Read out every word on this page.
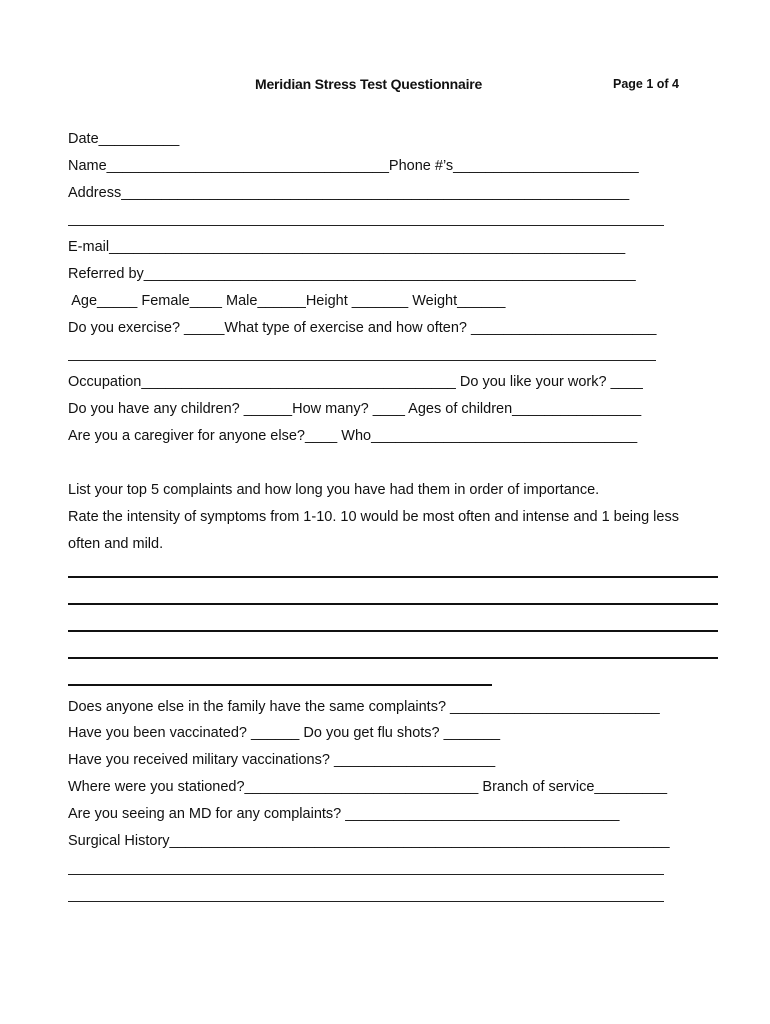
Meridian Stress Test Questionnaire	Page 1 of 4
Date__________
Name___________________________________Phone #’s_______________________
Address_______________________________________________________________
E-mail________________________________________________________________
Referred by_____________________________________________________________
Age_____ Female____ Male______Height _______ Weight______
Do you exercise? _____What type of exercise and how often? _______________________
Occupation_______________________________________ Do you like your work? ____
Do you have any children? ______How many? ____ Ages of children________________
Are you a caregiver for anyone else?____ Who_________________________________
List your top 5 complaints and how long you have had them in order of importance.
Rate the intensity of symptoms from 1-10. 10 would be most often and intense and 1 being less
often and mild.
Does anyone else in the family have the same complaints? __________________________
Have you been vaccinated? ______ Do you get flu shots? _______
Have you received military vaccinations? ____________________
Where were you stationed?_____________________________ Branch of service_________
Are you seeing an MD for any complaints? __________________________________
Surgical History______________________________________________________________
